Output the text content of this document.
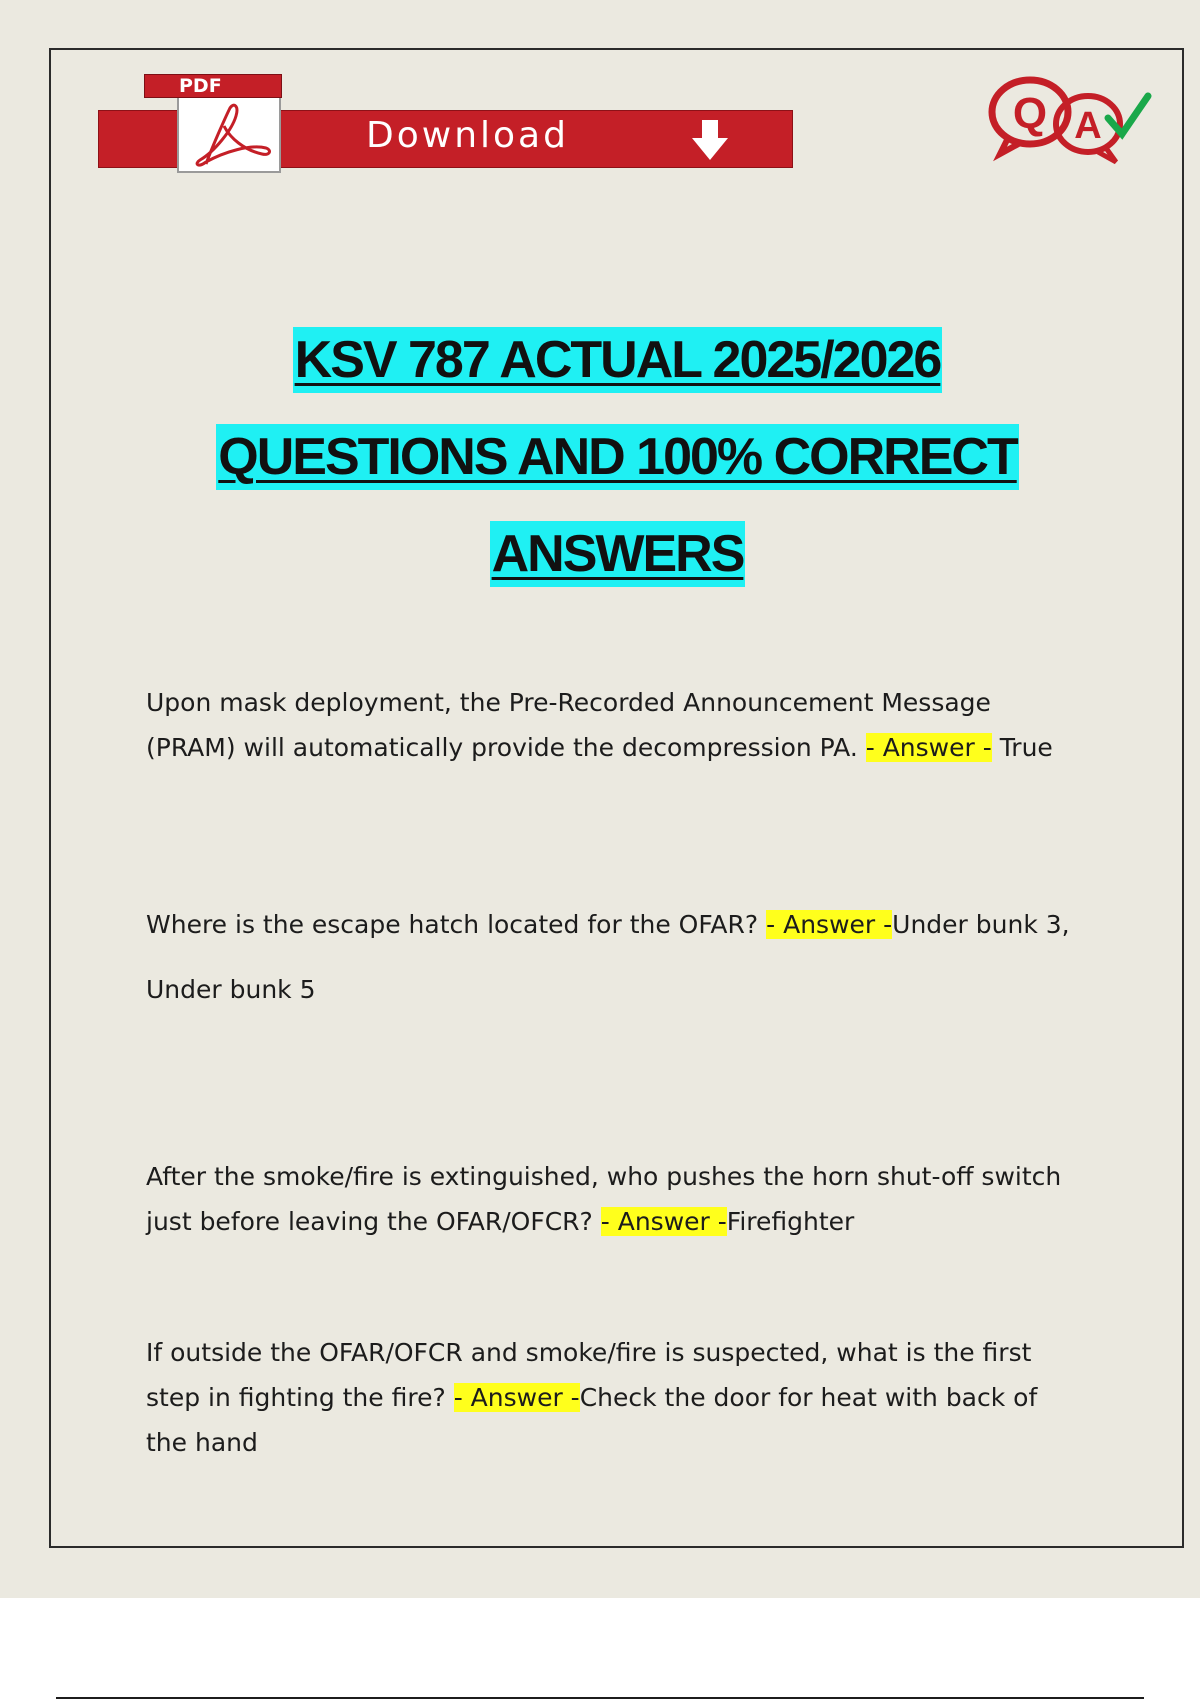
Download
PDF
Q A
KSV 787 ACTUAL 2025/2026
QUESTIONS AND 100% CORRECT
ANSWERS

Upon mask deployment, the Pre-Recorded Announcement Message (PRAM) will automatically provide the decompression PA. - Answer - True

Where is the escape hatch located for the OFAR? - Answer -Under bunk 3,

Under bunk 5

After the smoke/fire is extinguished, who pushes the horn shut-off switch just before leaving the OFAR/OFCR? - Answer -Firefighter

If outside the OFAR/OFCR and smoke/fire is suspected, what is the first step in fighting the fire? - Answer -Check the door for heat with back of the hand
